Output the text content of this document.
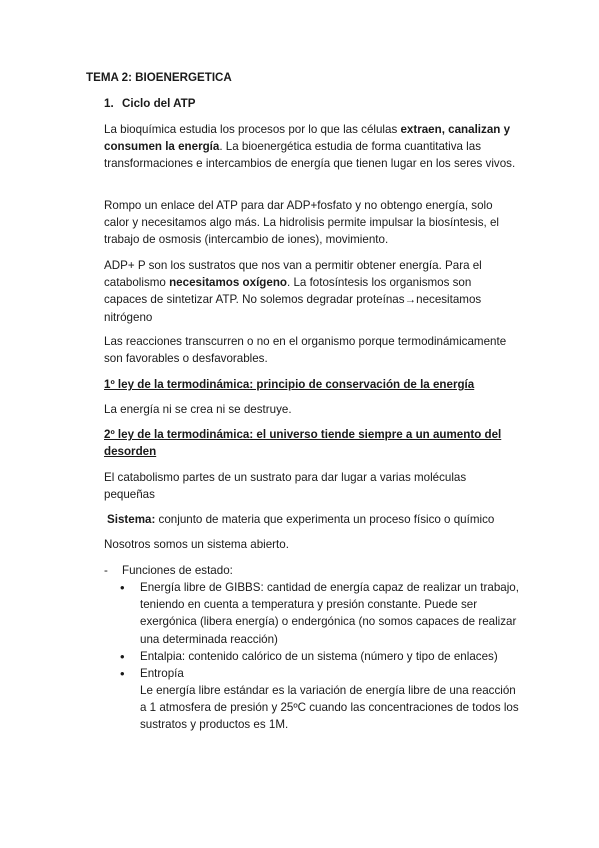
TEMA 2: BIOENERGETICA
1. Ciclo del ATP
La bioquímica estudia los procesos por lo que las células extraen, canalizan y consumen la energía. La bioenergética estudia de forma cuantitativa las transformaciones e intercambios de energía que tienen lugar en los seres vivos.
Rompo un enlace del ATP para dar ADP+fosfato y no obtengo energía, solo calor y necesitamos algo más. La hidrolisis permite impulsar la biosíntesis, el trabajo de osmosis (intercambio de iones), movimiento.
ADP+ P son los sustratos que nos van a permitir obtener energía. Para el catabolismo necesitamos oxígeno. La fotosíntesis los organismos son capaces de sintetizar ATP. No solemos degradar proteínas→necesitamos nitrógeno
Las reacciones transcurren o no en el organismo porque termodinámicamente son favorables o desfavorables.
1º ley de la termodinámica: principio de conservación de la energía
La energía ni se crea ni se destruye.
2º ley de la termodinámica: el universo tiende siempre a un aumento del desorden
El catabolismo partes de un sustrato para dar lugar a varias moléculas pequeñas
Sistema: conjunto de materia que experimenta un proceso físico o químico
Nosotros somos un sistema abierto.
- Funciones de estado:
• Energía libre de GIBBS: cantidad de energía capaz de realizar un trabajo, teniendo en cuenta a temperatura y presión constante. Puede ser exergónica (libera energía) o endergónica (no somos capaces de realizar una determinada reacción)
• Entalpia: contenido calórico de un sistema (número y tipo de enlaces)
• Entropía
Le energía libre estándar es la variación de energía libre de una reacción a 1 atmosfera de presión y 25ºC cuando las concentraciones de todos los sustratos y productos es 1M.
